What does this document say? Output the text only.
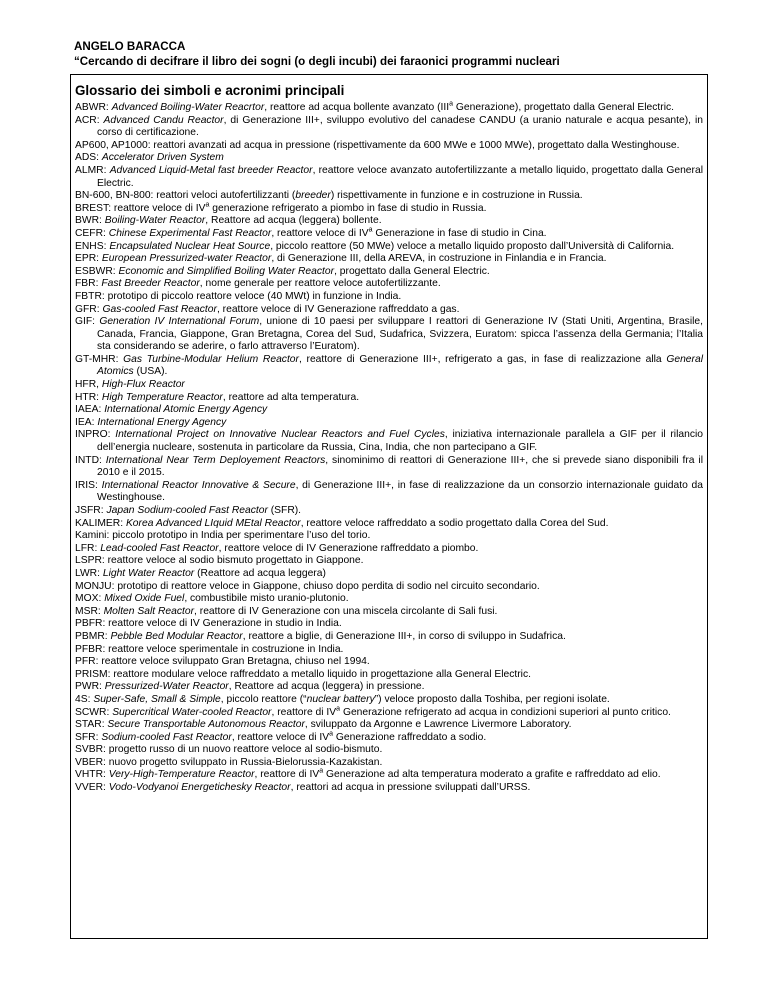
ANGELO BARACCA
“Cercando di decifrare il libro dei sogni (o degli incubi) dei faraonici programmi nucleari
Glossario dei simboli e acronimi principali
ABWR: Advanced Boiling-Water Reacrtor, reattore ad acqua bollente avanzato (III$^a$ Generazione), progettato dalla General Electric.
ACR: Advanced Candu Reactor, di Generazione III+, sviluppo evolutivo del canadese CANDU (a uranio naturale e acqua pesante), in corso di certificazione.
AP600, AP1000: reattori avanzati ad acqua in pressione (rispettivamente da 600 MWe e 1000 MWe), progettato dalla Westinghouse.
ADS: Accelerator Driven System
ALMR: Advanced Liquid-Metal fast breeder Reactor, reattore veloce avanzato autofertilizzante a metallo liquido, progettato dalla General Electric.
BN-600, BN-800: reattori veloci autofertilizzanti (breeder) rispettivamente in funzione e in costruzione in Russia.
BREST: reattore veloce di $IV^a$ generazione refrigerato a piombo in fase di studio in Russia.
BWR: Boiling-Water Reactor, Reattore ad acqua (leggera) bollente.
CEFR: Chinese Experimental Fast Reactor, reattore veloce di $IV^a$ Generazione in fase di studio in Cina.
ENHS: Encapsulated Nuclear Heat Source, piccolo reattore (50 MWe) veloce a metallo liquido proposto dall’Università di California.
EPR: European Pressurized-water Reactor, di Generazione III, della AREVA, in costruzione in Finlandia e in Francia.
ESBWR: Economic and Simplified Boiling Water Reactor, progettato dalla General Electric.
FBR: Fast Breeder Reactor, nome generale per reattore veloce autofertilizzante.
FBTR: prototipo di piccolo reattore veloce (40 MWt) in funzione in India.
GFR: Gas-cooled Fast Reactor, reattore veloce di IV Generazione raffreddato a gas.
GIF: Generation IV International Forum, unione di 10 paesi per sviluppare I reattori di Generazione IV (Stati Uniti, Argentina, Brasile, Canada, Francia, Giappone, Gran Bretagna, Corea del Sud, Sudafrica, Svizzera, Euratom: spicca l’assenza della Germania; l’Italia sta considerando se aderire, o farlo attraverso l’Euratom).
GT-MHR: Gas Turbine-Modular Helium Reactor, reattore di Generazione III+, refrigerato a gas, in fase di realizzazione alla General Atomics (USA).
HFR, High-Flux Reactor
HTR: High Temperature Reactor, reattore ad alta temperatura.
IAEA: International Atomic Energy Agency
IEA: International Energy Agency
INPRO: International Project on Innovative Nuclear Reactors and Fuel Cycles, iniziativa internazionale parallela a GIF per il rilancio dell’energia nucleare, sostenuta in particolare da Russia, Cina, India, che non partecipano a GIF.
INTD: International Near Term Deployement Reactors, sinominimo di reattori di Generazione III+, che si prevede siano disponibili fra il 2010 e il 2015.
IRIS: International Reactor Innovative & Secure, di Generazione III+, in fase di realizzazione da un consorzio internazionale guidato da Westinghouse.
JSFR: Japan Sodium-cooled Fast Reactor (SFR).
KALIMER: Korea Advanced LIquid MEtal Reactor, reattore veloce raffreddato a sodio progettato dalla Corea del Sud.
Kamini: piccolo prototipo in India per sperimentare l’uso del torio.
LFR: Lead-cooled Fast Reactor, reattore veloce di IV Generazione raffreddato a piombo.
LSPR: reattore veloce al sodio bismuto progettato in Giappone.
LWR: Light Water Reactor (Reattore ad acqua leggera)
MONJU: prototipo di reattore veloce in Giappone, chiuso dopo perdita di sodio nel circuito secondario.
MOX: Mixed Oxide Fuel, combustibile misto uranio-plutonio.
MSR: Molten Salt Reactor, reattore di IV Generazione con una miscela circolante di Sali fusi.
PBFR: reattore veloce di IV Generazione in studio in India.
PBMR: Pebble Bed Modular Reactor, reattore a biglie, di Generazione III+, in corso di sviluppo in Sudafrica.
PFBR: reattore veloce sperimentale in costruzione in India.
PFR: reattore veloce sviluppato Gran Bretagna, chiuso nel 1994.
PRISM: reattore modulare veloce raffreddato a metallo liquido in progettazione alla General Electric.
PWR: Pressurized-Water Reactor, Reattore ad acqua (leggera) in pressione.
4S: Super-Safe, Small & Simple, piccolo reattore (“nuclear battery”) veloce proposto dalla Toshiba, per regioni isolate.
SCWR: Supercritical Water-cooled Reactor, reattore di $IV^a$ Generazione refrigerato ad acqua in condizioni superiori al punto critico.
STAR: Secure Transportable Autonomous Reactor, sviluppato da Argonne e Lawrence Livermore Laboratory.
SFR: Sodium-cooled Fast Reactor, reattore veloce di $IV^a$ Generazione raffreddato a sodio.
SVBR: progetto russo di un nuovo reattore veloce al sodio-bismuto.
VBER: nuovo progetto sviluppato in Russia-Bielorussia-Kazakistan.
VHTR: Very-High-Temperature Reactor, reattore di $IV^a$ Generazione ad alta temperatura moderato a grafite e raffreddato ad elio.
VVER: Vodo-Vodyanoi Energetichesky Reactor, reattori ad acqua in pressione sviluppati dall’URSS.
